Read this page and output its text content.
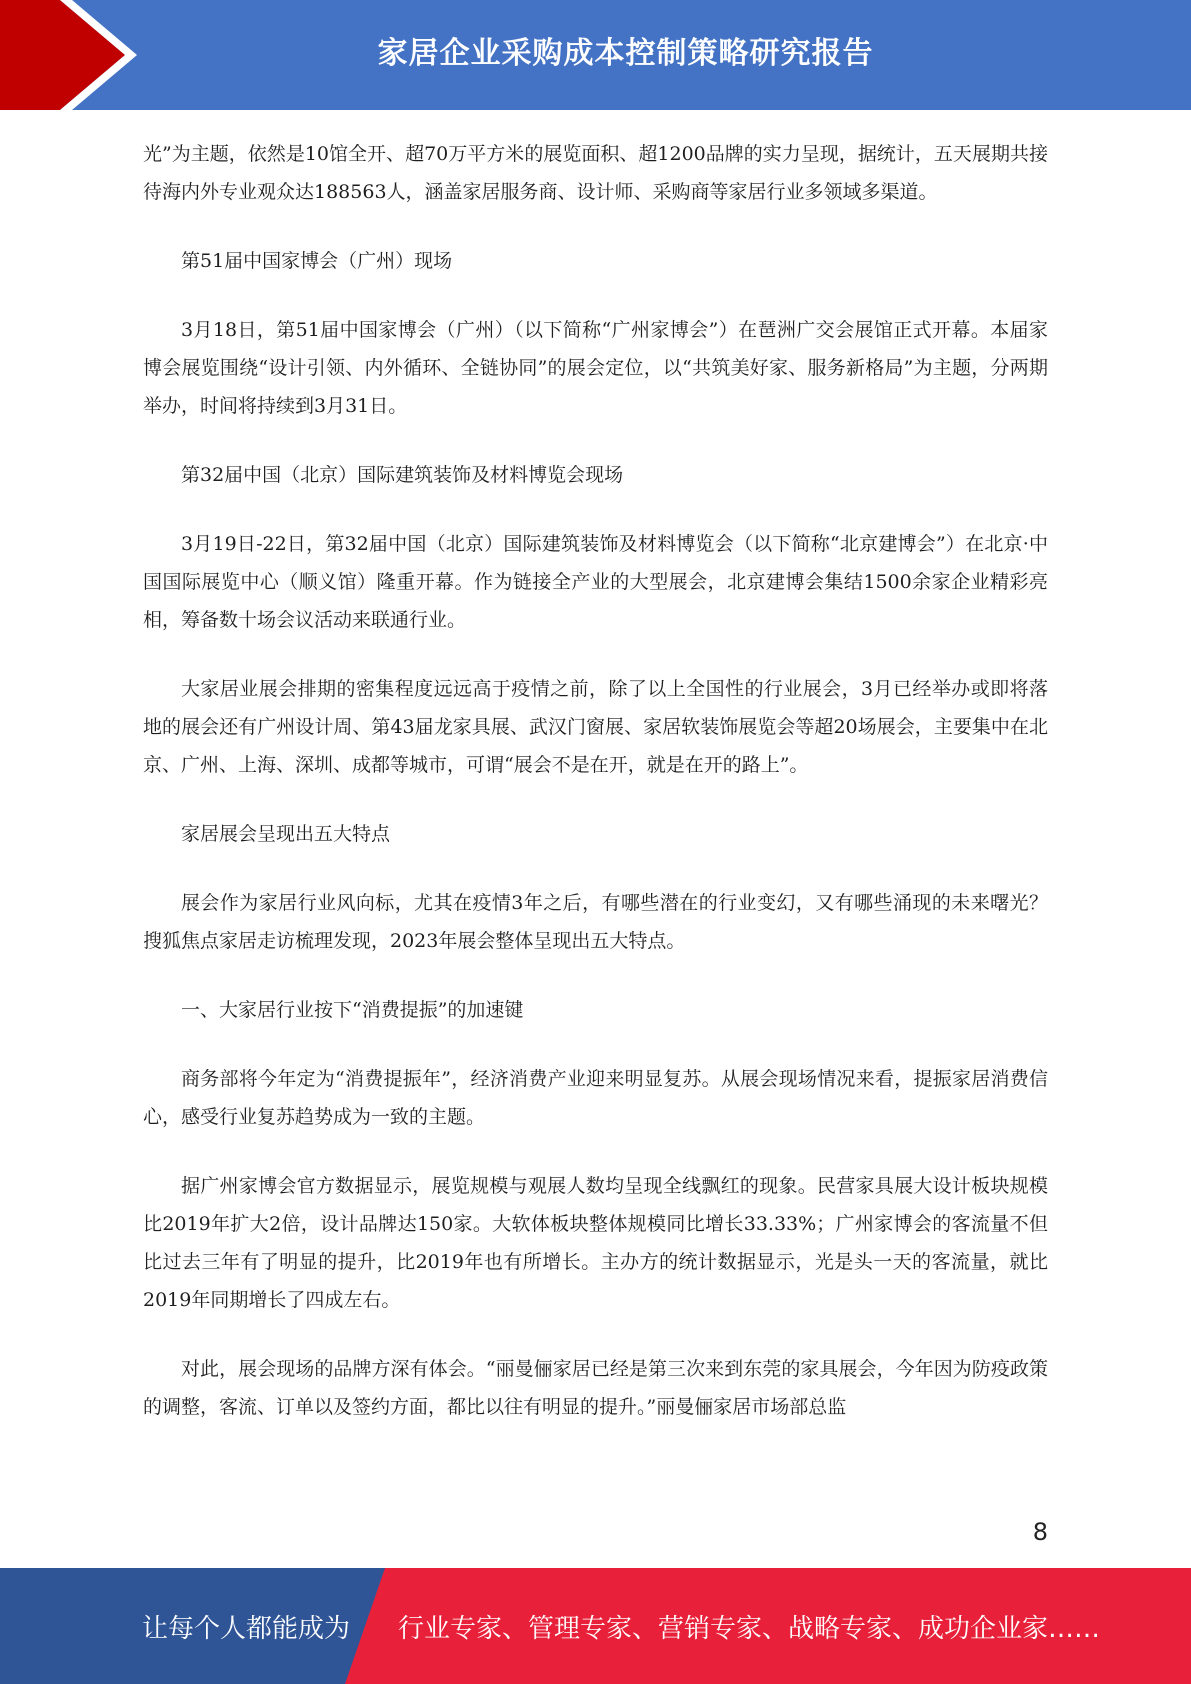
家居企业采购成本控制策略研究报告

光”为主题，依然是10馆全开、超70万平方米的展览面积、超1200品牌的实力呈现，据统计，五天展期共接待海内外专业观众达188563人，涵盖家居服务商、设计师、采购商等家居行业多领域多渠道。

第51届中国家博会（广州）现场

3月18日，第51届中国家博会（广州）（以下简称“广州家博会”）在琶洲广交会展馆正式开幕。本届家博会展览围绕“设计引领、内外循环、全链协同”的展会定位，以“共筑美好家、服务新格局”为主题，分两期举办，时间将持续到3月31日。

第32届中国（北京）国际建筑装饰及材料博览会现场

3月19日-22日，第32届中国（北京）国际建筑装饰及材料博览会（以下简称“北京建博会”）在北京·中国国际展览中心（顺义馆）隆重开幕。作为链接全产业的大型展会，北京建博会集结1500余家企业精彩亮相，筹备数十场会议活动来联通行业。

大家居业展会排期的密集程度远远高于疫情之前，除了以上全国性的行业展会，3月已经举办或即将落地的展会还有广州设计周、第43届龙家具展、武汉门窗展、家居软装饰展览会等超20场展会，主要集中在北京、广州、上海、深圳、成都等城市，可谓“展会不是在开，就是在开的路上”。

家居展会呈现出五大特点

展会作为家居行业风向标，尤其在疫情3年之后，有哪些潜在的行业变幻，又有哪些涌现的未来曙光？搜狐焦点家居走访梳理发现，2023年展会整体呈现出五大特点。

一、大家居行业按下“消费提振”的加速键

商务部将今年定为“消费提振年”，经济消费产业迎来明显复苏。从展会现场情况来看，提振家居消费信心，感受行业复苏趋势成为一致的主题。

据广州家博会官方数据显示，展览规模与观展人数均呈现全线飘红的现象。民营家具展大设计板块规模比2019年扩大2倍，设计品牌达150家。大软体板块整体规模同比增长33.33%；广州家博会的客流量不但比过去三年有了明显的提升，比2019年也有所增长。主办方的统计数据显示，光是头一天的客流量，就比2019年同期增长了四成左右。

对此，展会现场的品牌方深有体会。“丽曼俪家居已经是第三次来到东莞的家具展会，今年因为防疫政策的调整，客流、订单以及签约方面，都比以往有明显的提升。”丽曼俪家居市场部总监

8
让每个人都能成为 行业专家、管理专家、营销专家、战略专家、成功企业家……
